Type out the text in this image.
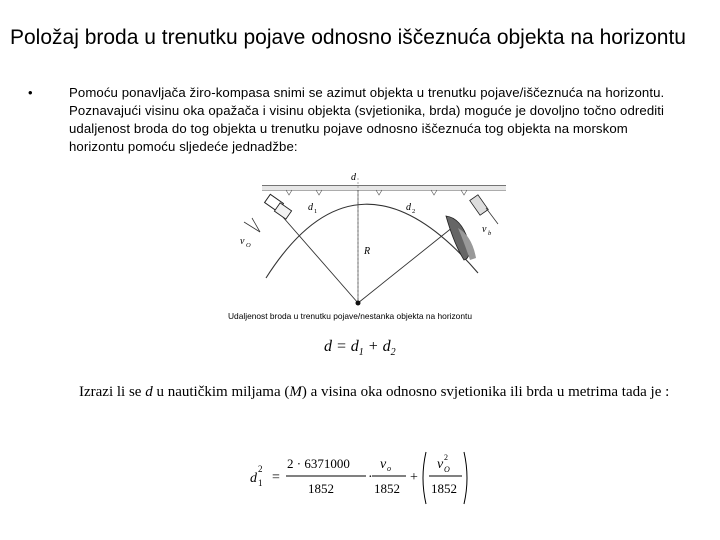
Položaj broda u trenutku pojave odnosno iščeznuća objekta na horizontu
•	Pomoću ponavljača žiro-kompasa snimi se azimut objekta u trenutku pojave/iščeznuća na horizontu. Poznavajući visinu oka opažača i visinu objekta (svjetionika, brda) moguće je dovoljno točno odrediti udaljenost broda do tog objekta u trenutku pojave odnosno iščeznuća tog objekta na morskom horizontu pomoću sljedeće jednadžbe:
d
d 1	d 2
R
v O
v b
Udaljenost broda u trenutku pojave/nestanka objekta na horizontu
$d = d_1 + d_2$
Izrazi li se d u nautičkim miljama (M) a visina oka odnosno svjetionika ili brda u metrima tada je :
d
2
1 =
2 · 6371000
1852
·
v o
1852
+
v 2
O
1852
